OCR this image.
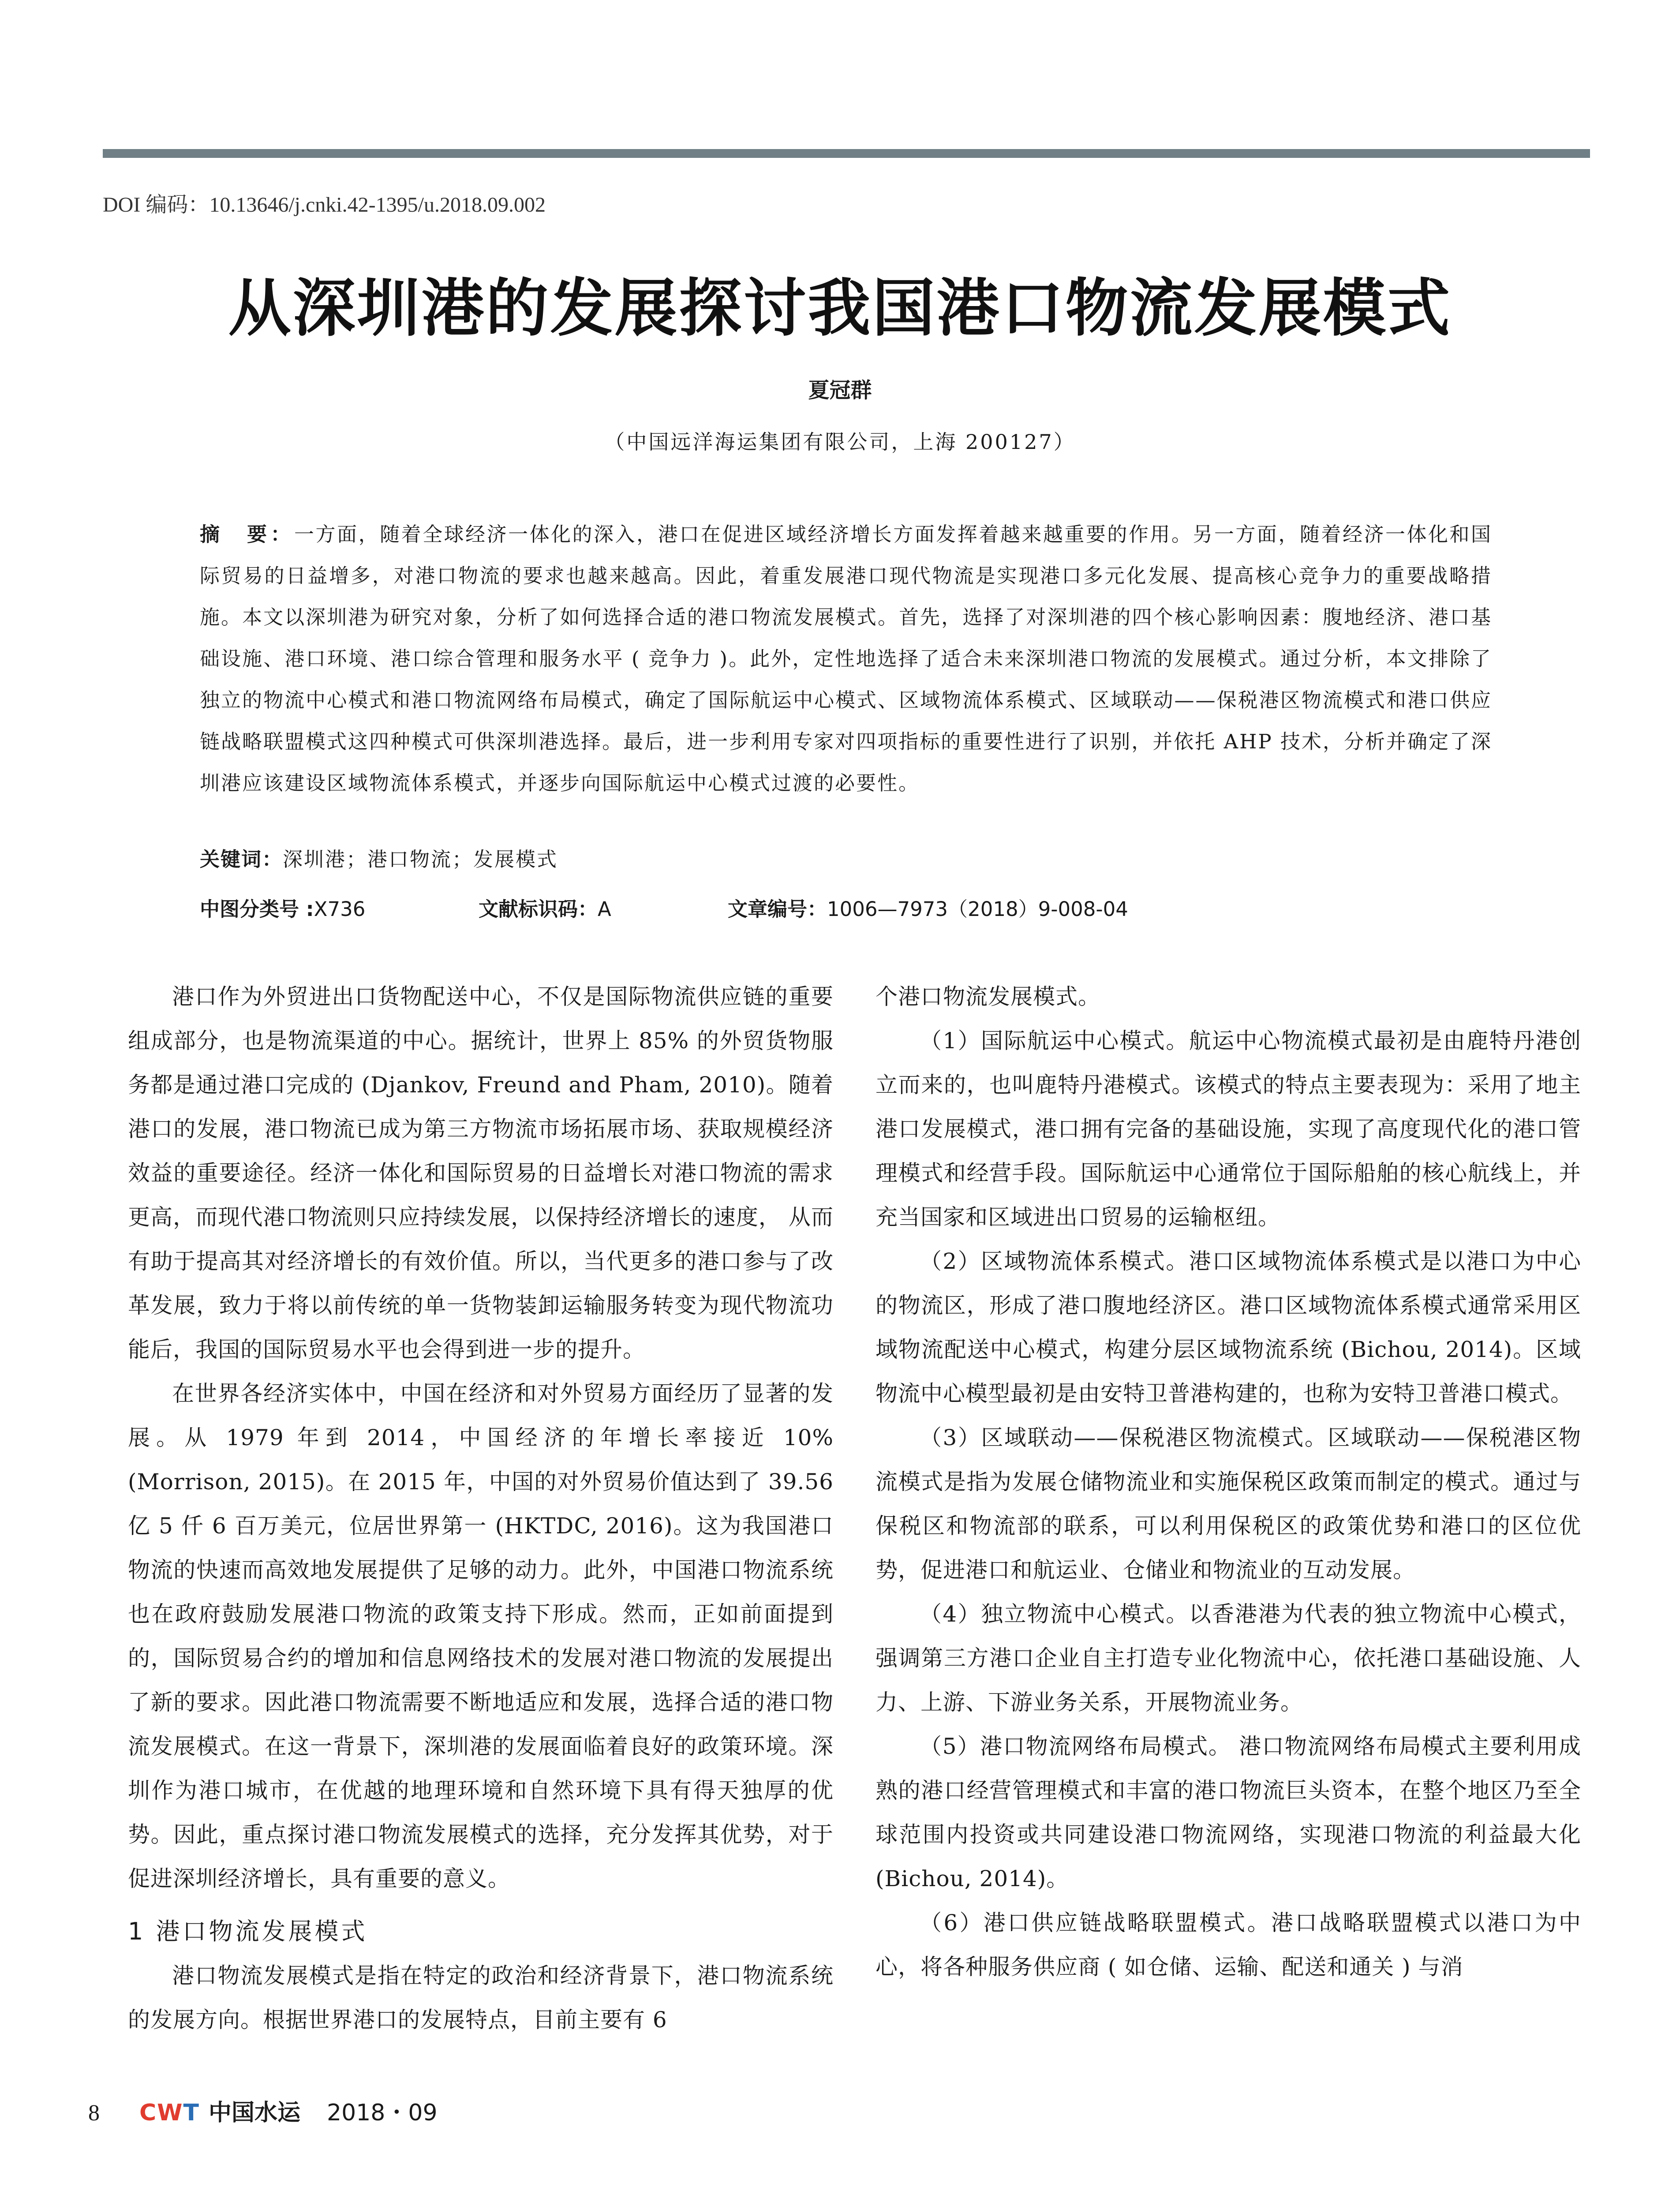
DOI 编码：10.13646/j.cnki.42-1395/u.2018.09.002
从深圳港的发展探讨我国港口物流发展模式
夏冠群
（中国远洋海运集团有限公司，上海 200127）
摘　要：一方面，随着全球经济一体化的深入，港口在促进区域经济增长方面发挥着越来越重要的作用。另一方面，随着经济一体化和国际贸易的日益增多，对港口物流的要求也越来越高。因此，着重发展港口现代物流是实现港口多元化发展、提高核心竞争力的重要战略措施。本文以深圳港为研究对象，分析了如何选择合适的港口物流发展模式。首先，选择了对深圳港的四个核心影响因素：腹地经济、港口基础设施、港口环境、港口综合管理和服务水平 ( 竞争力 )。此外，定性地选择了适合未来深圳港口物流的发展模式。通过分析，本文排除了独立的物流中心模式和港口物流网络布局模式，确定了国际航运中心模式、区域物流体系模式、区域联动——保税港区物流模式和港口供应链战略联盟模式这四种模式可供深圳港选择。最后，进一步利用专家对四项指标的重要性进行了识别，并依托 AHP 技术，分析并确定了深圳港应该建设区域物流体系模式，并逐步向国际航运中心模式过渡的必要性。
关键词：深圳港；港口物流；发展模式
中图分类号 :X736	文献标识码：A	文章编号：1006—7973（2018）9-008-04

港口作为外贸进出口货物配送中心，不仅是国际物流供应链的重要组成部分，也是物流渠道的中心。据统计，世界上 85% 的外贸货物服务都是通过港口完成的 (Djankov, Freund and Pham, 2010)。随着港口的发展，港口物流已成为第三方物流市场拓展市场、获取规模经济效益的重要途径。经济一体化和国际贸易的日益增长对港口物流的需求更高，而现代港口物流则只应持续发展，以保持经济增长的速度， 从而有助于提高其对经济增长的有效价值。所以，当代更多的港口参与了改革发展，致力于将以前传统的单一货物装卸运输服务转变为现代物流功能后，我国的国际贸易水平也会得到进一步的提升。

在世界各经济实体中，中国在经济和对外贸易方面经历了显著的发展。从 1979 年到 2014，中国经济的年增长率接近 10% (Morrison, 2015)。在 2015 年，中国的对外贸易价值达到了 39.56 亿 5 仟 6 百万美元，位居世界第一 (HKTDC, 2016)。这为我国港口物流的快速而高效地发展提供了足够的动力。此外，中国港口物流系统也在政府鼓励发展港口物流的政策支持下形成。然而，正如前面提到的，国际贸易合约的增加和信息网络技术的发展对港口物流的发展提出了新的要求。因此港口物流需要不断地适应和发展，选择合适的港口物流发展模式。在这一背景下，深圳港的发展面临着良好的政策环境。深圳作为港口城市，在优越的地理环境和自然环境下具有得天独厚的优势。因此，重点探讨港口物流发展模式的选择，充分发挥其优势，对于促进深圳经济增长，具有重要的意义。

1 港口物流发展模式

港口物流发展模式是指在特定的政治和经济背景下，港口物流系统的发展方向。根据世界港口的发展特点，目前主要有 6

个港口物流发展模式。

（1）国际航运中心模式。航运中心物流模式最初是由鹿特丹港创立而来的，也叫鹿特丹港模式。该模式的特点主要表现为：采用了地主港口发展模式，港口拥有完备的基础设施，实现了高度现代化的港口管理模式和经营手段。国际航运中心通常位于国际船舶的核心航线上，并充当国家和区域进出口贸易的运输枢纽。

（2）区域物流体系模式。港口区域物流体系模式是以港口为中心的物流区，形成了港口腹地经济区。港口区域物流体系模式通常采用区域物流配送中心模式，构建分层区域物流系统 (Bichou, 2014)。区域物流中心模型最初是由安特卫普港构建的，也称为安特卫普港口模式。

（3）区域联动——保税港区物流模式。区域联动——保税港区物流模式是指为发展仓储物流业和实施保税区政策而制定的模式。通过与保税区和物流部的联系，可以利用保税区的政策优势和港口的区位优势，促进港口和航运业、仓储业和物流业的互动发展。

（4）独立物流中心模式。以香港港为代表的独立物流中心模式，强调第三方港口企业自主打造专业化物流中心，依托港口基础设施、人力、上游、下游业务关系，开展物流业务。

（5）港口物流网络布局模式。 港口物流网络布局模式主要利用成熟的港口经营管理模式和丰富的港口物流巨头资本，在整个地区乃至全球范围内投资或共同建设港口物流网络，实现港口物流的利益最大化 (Bichou, 2014)。

（6）港口供应链战略联盟模式。港口战略联盟模式以港口为中心，将各种服务供应商 ( 如仓储、运输、配送和通关 ) 与消

8 CWT 中国水运 2018・09
